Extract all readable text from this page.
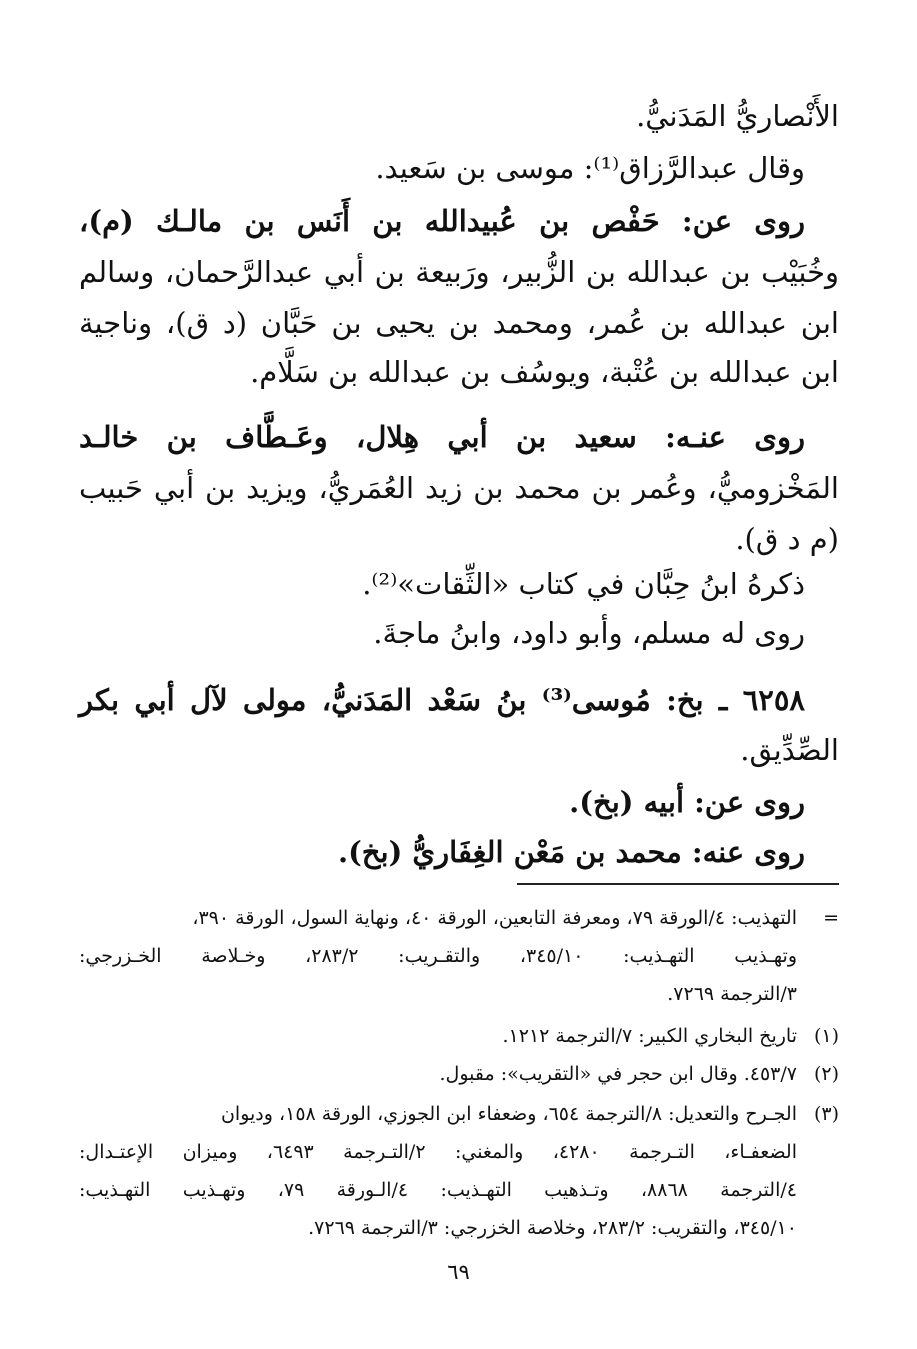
الأَنْصاريُّ المَدَنيُّ.
وقال عبدالرَّزاق⁽¹⁾: موسى بن سَعيد.
روى عن: حَفْص بن عُبيدالله بن أَنَس بن مالـك (م)،
وخُبَيْب بن عبدالله بن الزُّبير، ورَبيعة بن أبي عبدالرَّحمان، وسالم
ابن عبدالله بن عُمر، ومحمد بن يحيى بن حَبَّان (د ق)، وناجية
ابن عبدالله بن عُتْبة، ويوسُف بن عبدالله بن سَلَّام.
روى عنـه: سعيد بن أبي هِلال، وعَـطَّاف بن خالـد
المَخْزوميُّ، وعُمر بن محمد بن زيد العُمَريُّ، ويزيد بن أبي حَبيب
(م د ق).
ذكرهُ ابنُ حِبَّان في كتاب «الثِّقات»⁽²⁾.
روى له مسلم، وأبو داود، وابنُ ماجةَ.
٦٢٥٨ ـ بخ: مُوسى⁽³⁾ بنُ سَعْد المَدَنيُّ، مولى لآل أبي بكر
الصِّدِّيق.
روى عن: أبيه (بخ).
روى عنه: محمد بن مَعْن الغِفَاريُّ (بخ).
=التهذيب: ٤/الورقة ٧٩، ومعرفة التابعين، الورقة ٤٠، ونهاية السول، الورقة ٣٩٠،
وتهـذيب التهـذيب: ٣٤٥/١٠، والتقـريب: ٢٨٣/٢، وخـلاصة الخـزرجي:
٣/الترجمة ٧٢٦٩.
(١)تاريخ البخاري الكبير: ٧/الترجمة ١٢١٢.
(٢)٤٥٣/٧. وقال ابن حجر في «التقريب»: مقبول.
(٣)الجـرح والتعديل: ٨/الترجمة ٦٥٤، وضعفاء ابن الجوزي، الورقة ١٥٨، وديوان
الضعفـاء، التـرجمة ٤٢٨٠، والمغني: ٢/التـرجمة ٦٤٩٣، وميزان الإعتـدال:
٤/الترجمة ٨٨٦٨، وتـذهيب التهـذيب: ٤/الـورقة ٧٩، وتهـذيب التهـذيب:
٣٤٥/١٠، والتقريب: ٢٨٣/٢، وخلاصة الخزرجي: ٣/الترجمة ٧٢٦٩.
٦٩
